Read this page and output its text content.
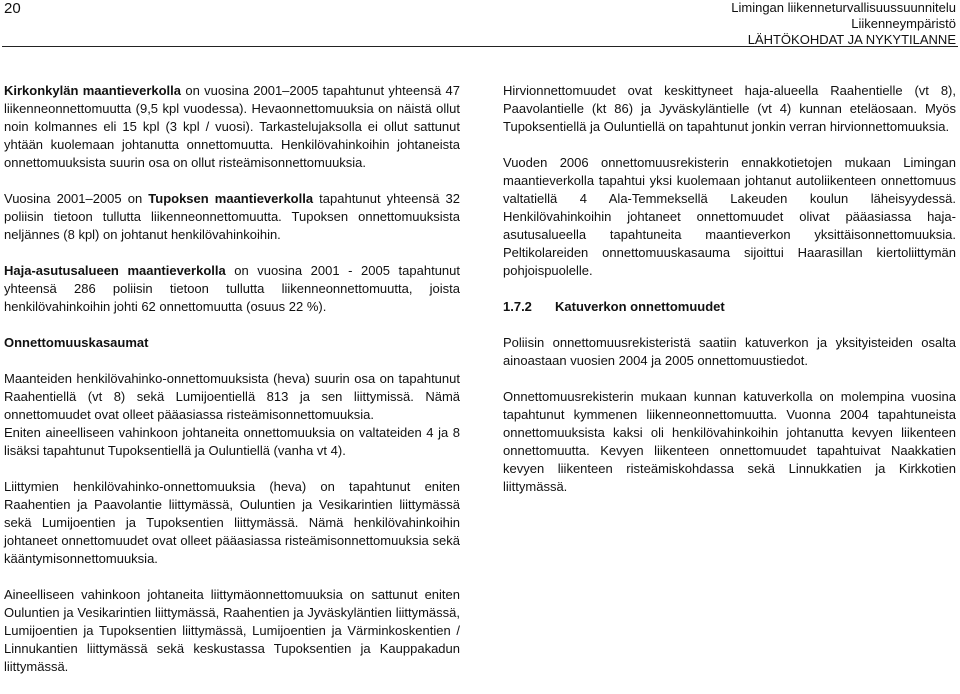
20	Limingan liikenneturvallisuussuunnitelu
Liikenneympäristö
LÄHTÖKOHDAT JA NYKYTILANNE

Kirkonkylän maantieverkolla on vuosina 2001–2005 tapahtunut yhteensä 47 liikenneonnettomuutta (9,5 kpl vuodessa). Hevaonnettomuuksia on näistä ollut noin kolmannes eli 15 kpl (3 kpl / vuosi). Tarkastelujaksolla ei ollut sattunut yhtään kuolemaan johtanutta onnettomuutta. Henkilövahinkoihin johtaneista onnettomuuksista suurin osa on ollut risteämisonnettomuuksia.

Vuosina 2001–2005 on Tupoksen maantieverkolla tapahtunut yhteensä 32 poliisin tietoon tullutta liikenneonnettomuutta. Tupoksen onnettomuuksista neljännes (8 kpl) on johtanut henkilövahinkoihin.

Haja-asutusalueen maantieverkolla on vuosina 2001 - 2005 tapahtunut yhteensä 286 poliisin tietoon tullutta liikenneonnettomuutta, joista henkilövahinkoihin johti 62 onnettomuutta (osuus 22 %).

Onnettomuuskasaumat

Maanteiden henkilövahinko-onnettomuuksista (heva) suurin osa on tapahtunut Raahentiellä (vt 8) sekä Lumijoentiellä 813 ja sen liittymissä. Nämä onnettomuudet ovat olleet pääasiassa risteämisonnettomuuksia.

Eniten aineelliseen vahinkoon johtaneita onnettomuuksia on valtateiden 4 ja 8 lisäksi tapahtunut Tupoksentiellä ja Ouluntiellä (vanha vt 4).

Liittymien henkilövahinko-onnettomuuksia (heva) on tapahtunut eniten Raahentien ja Paavolantie liittymässä, Ouluntien ja Vesikarintien liittymässä sekä Lumijoentien ja Tupoksentien liittymässä. Nämä henkilövahinkoihin johtaneet onnettomuudet ovat olleet pääasiassa risteämisonnettomuuksia sekä kääntymisonnettomuuksia.

Aineelliseen vahinkoon johtaneita liittymäonnettomuuksia on sattunut eniten Ouluntien ja Vesikarintien liittymässä, Raahentien ja Jyväskyläntien liittymässä, Lumijoentien ja Tupoksentien liittymässä, Lumijoentien ja Värminkoskentien / Linnukantien liittymässä sekä keskustassa Tupoksentien ja Kauppakadun liittymässä.

Hirvionnettomuudet ovat keskittyneet haja-alueella Raahentielle (vt 8), Paavolantielle (kt 86) ja Jyväskyläntielle (vt 4) kunnan eteläosaan. Myös Tupoksentiellä ja Ouluntiellä on tapahtunut jonkin verran hirvionnettomuuksia.

Vuoden 2006 onnettomuusrekisterin ennakkotietojen mukaan Limingan maantieverkolla tapahtui yksi kuolemaan johtanut autoliikenteen onnettomuus valtatiellä 4 Ala-Temmeksellä Lakeuden koulun läheisyydessä. Henkilövahinkoihin johtaneet onnettomuudet olivat pääasiassa haja-asutusalueella tapahtuneita maantieverkon yksittäisonnettomuuksia. Peltikolareiden onnettomuuskasauma sijoittui Haarasillan kiertoliittymän pohjoispuolelle.

1.7.2 Katuverkon onnettomuudet

Poliisin onnettomuusrekisteristä saatiin katuverkon ja yksityisteiden osalta ainoastaan vuosien 2004 ja 2005 onnettomuustiedot.

Onnettomuusrekisterin mukaan kunnan katuverkolla on molempina vuosina tapahtunut kymmenen liikenneonnettomuutta. Vuonna 2004 tapahtuneista onnettomuuksista kaksi oli henkilövahinkoihin johtanutta kevyen liikenteen onnettomuutta. Kevyen liikenteen onnettomuudet tapahtuivat Naakkatien kevyen liikenteen risteämiskohdassa sekä Linnukkatien ja Kirkkotien liittymässä.
